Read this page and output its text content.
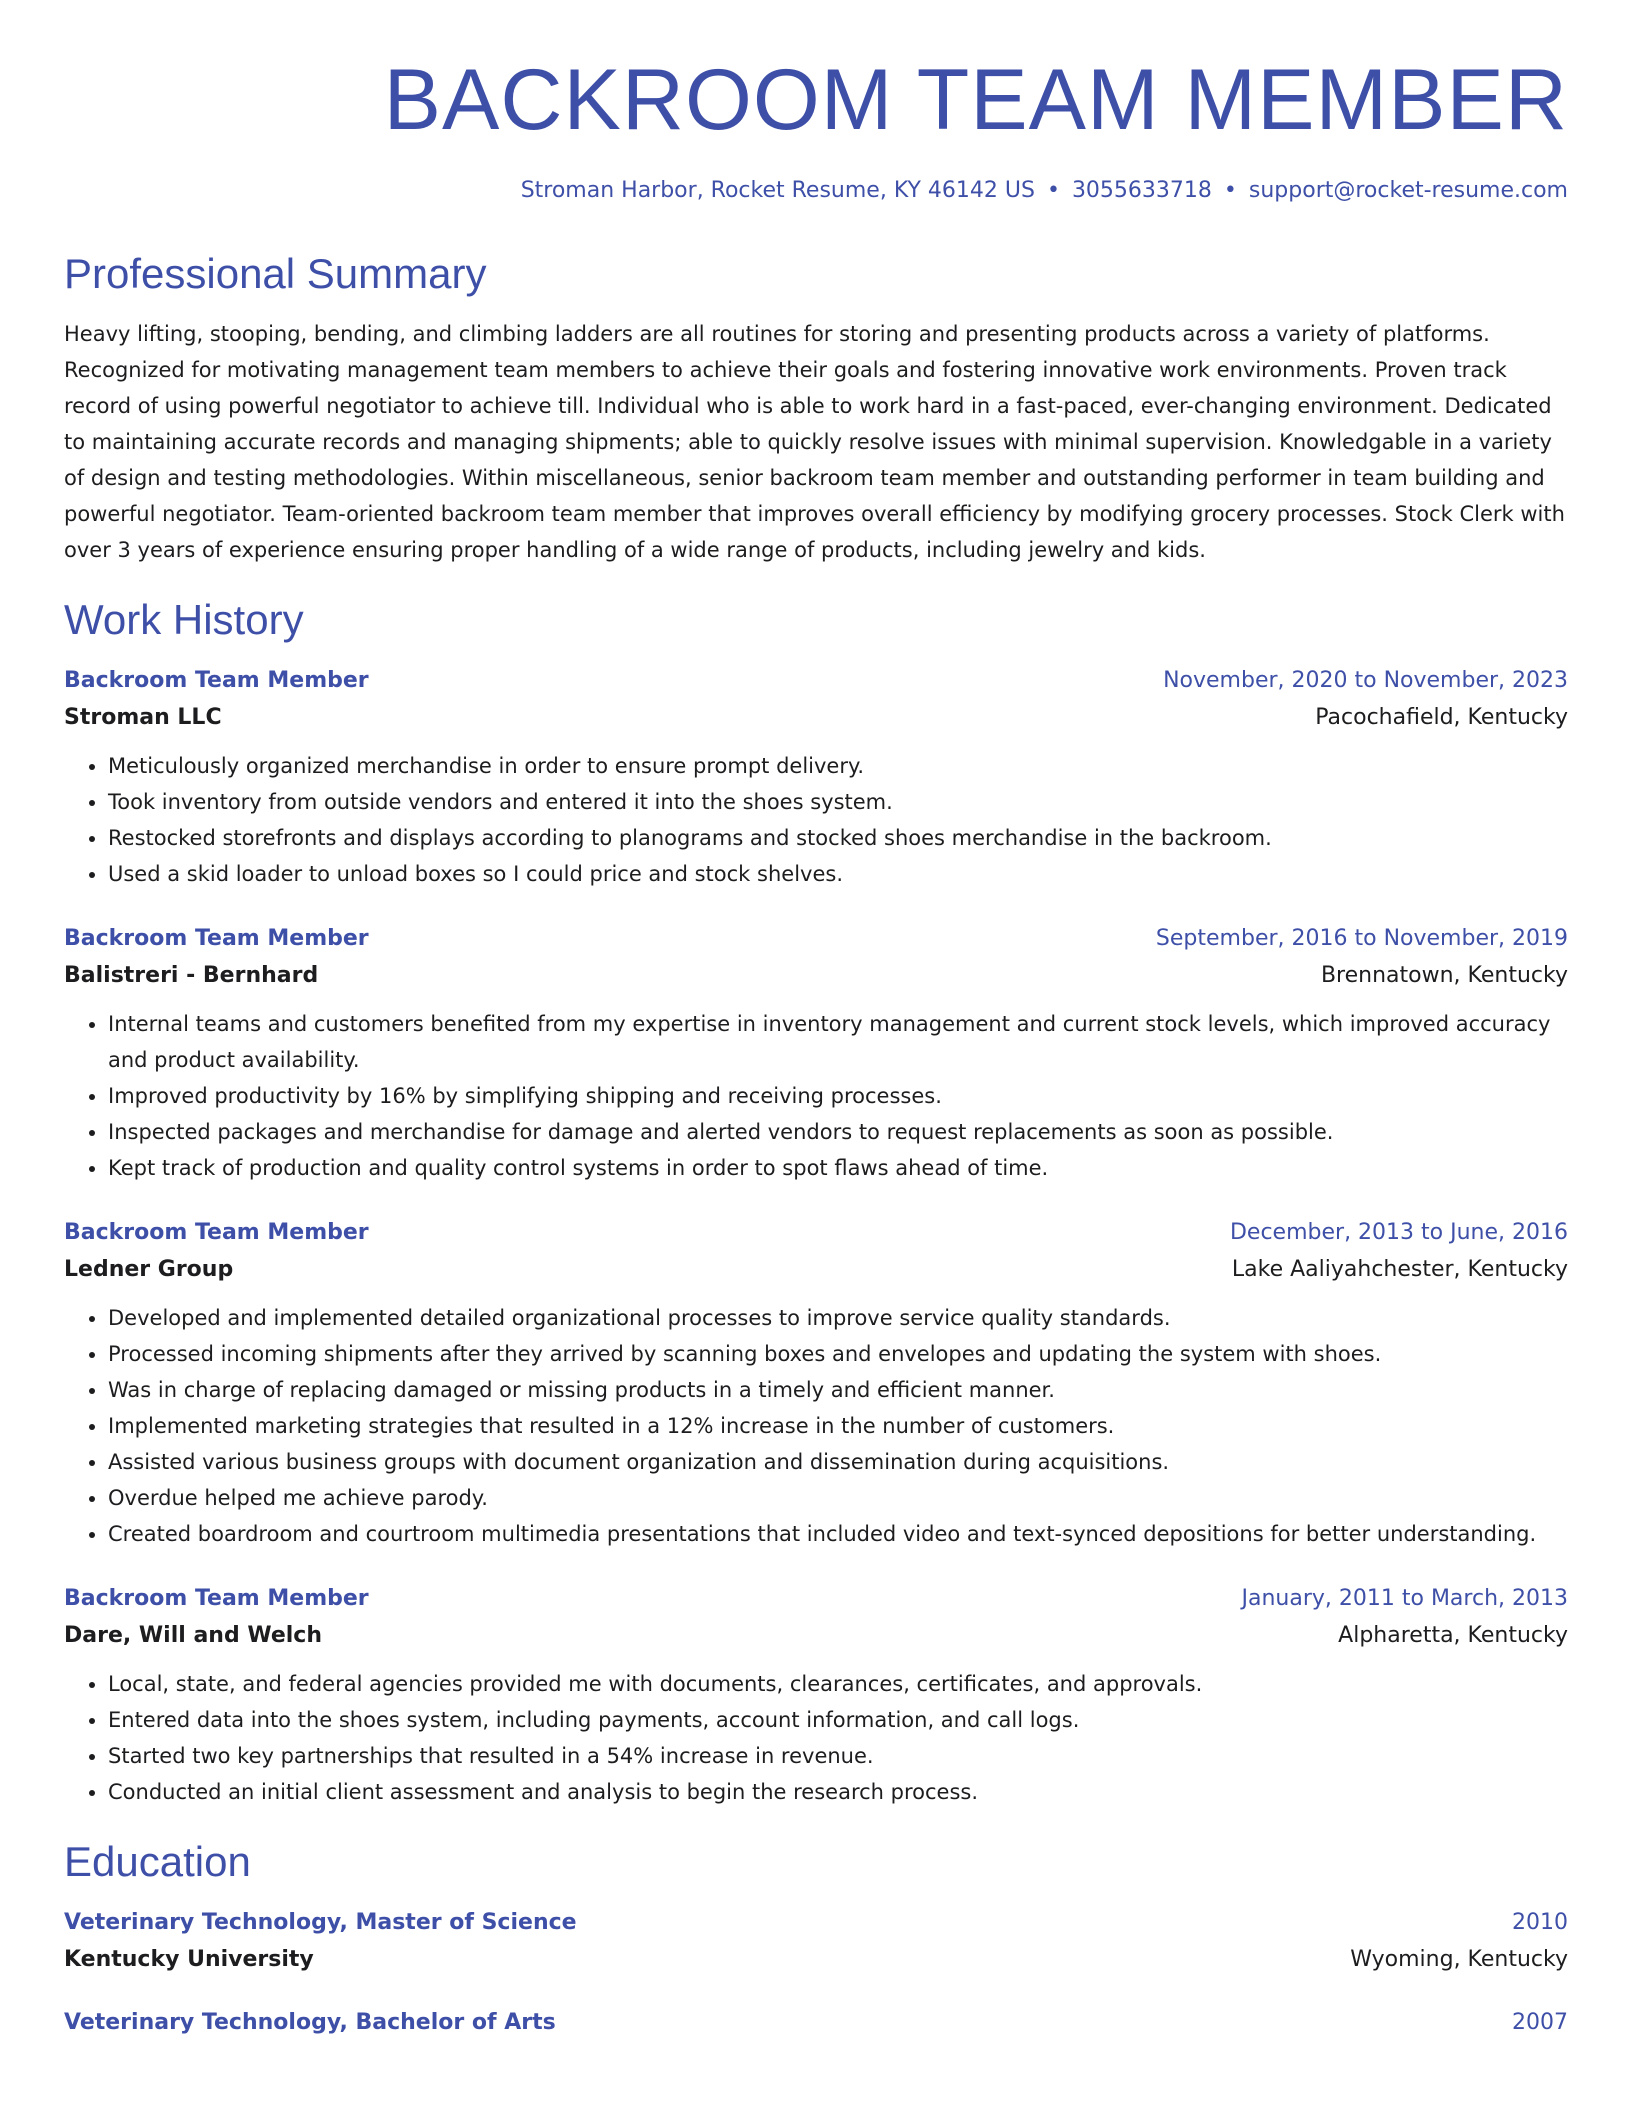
BACKROOM TEAM MEMBER
Stroman Harbor, Rocket Resume, KY 46142 US • 3055633718 • support@rocket-resume.com
Professional Summary
Heavy lifting, stooping, bending, and climbing ladders are all routines for storing and presenting products across a variety of platforms. Recognized for motivating management team members to achieve their goals and fostering innovative work environments. Proven track record of using powerful negotiator to achieve till. Individual who is able to work hard in a fast-paced, ever-changing environment. Dedicated to maintaining accurate records and managing shipments; able to quickly resolve issues with minimal supervision. Knowledgable in a variety of design and testing methodologies. Within miscellaneous, senior backroom team member and outstanding performer in team building and powerful negotiator. Team-oriented backroom team member that improves overall efficiency by modifying grocery processes. Stock Clerk with over 3 years of experience ensuring proper handling of a wide range of products, including jewelry and kids.
Work History
Backroom Team Member	November, 2020 to November, 2023
Stroman LLC	Pacochafield, Kentucky
• Meticulously organized merchandise in order to ensure prompt delivery.
• Took inventory from outside vendors and entered it into the shoes system.
• Restocked storefronts and displays according to planograms and stocked shoes merchandise in the backroom.
• Used a skid loader to unload boxes so I could price and stock shelves.
Backroom Team Member	September, 2016 to November, 2019
Balistreri - Bernhard	Brennatown, Kentucky
• Internal teams and customers benefited from my expertise in inventory management and current stock levels, which improved accuracy and product availability.
• Improved productivity by 16% by simplifying shipping and receiving processes.
• Inspected packages and merchandise for damage and alerted vendors to request replacements as soon as possible.
• Kept track of production and quality control systems in order to spot flaws ahead of time.
Backroom Team Member	December, 2013 to June, 2016
Ledner Group	Lake Aaliyahchester, Kentucky
• Developed and implemented detailed organizational processes to improve service quality standards.
• Processed incoming shipments after they arrived by scanning boxes and envelopes and updating the system with shoes.
• Was in charge of replacing damaged or missing products in a timely and efficient manner.
• Implemented marketing strategies that resulted in a 12% increase in the number of customers.
• Assisted various business groups with document organization and dissemination during acquisitions.
• Overdue helped me achieve parody.
• Created boardroom and courtroom multimedia presentations that included video and text-synced depositions for better understanding.
Backroom Team Member	January, 2011 to March, 2013
Dare, Will and Welch	Alpharetta, Kentucky
• Local, state, and federal agencies provided me with documents, clearances, certificates, and approvals.
• Entered data into the shoes system, including payments, account information, and call logs.
• Started two key partnerships that resulted in a 54% increase in revenue.
• Conducted an initial client assessment and analysis to begin the research process.
Education
Veterinary Technology, Master of Science	2010
Kentucky University	Wyoming, Kentucky
Veterinary Technology, Bachelor of Arts	2007
